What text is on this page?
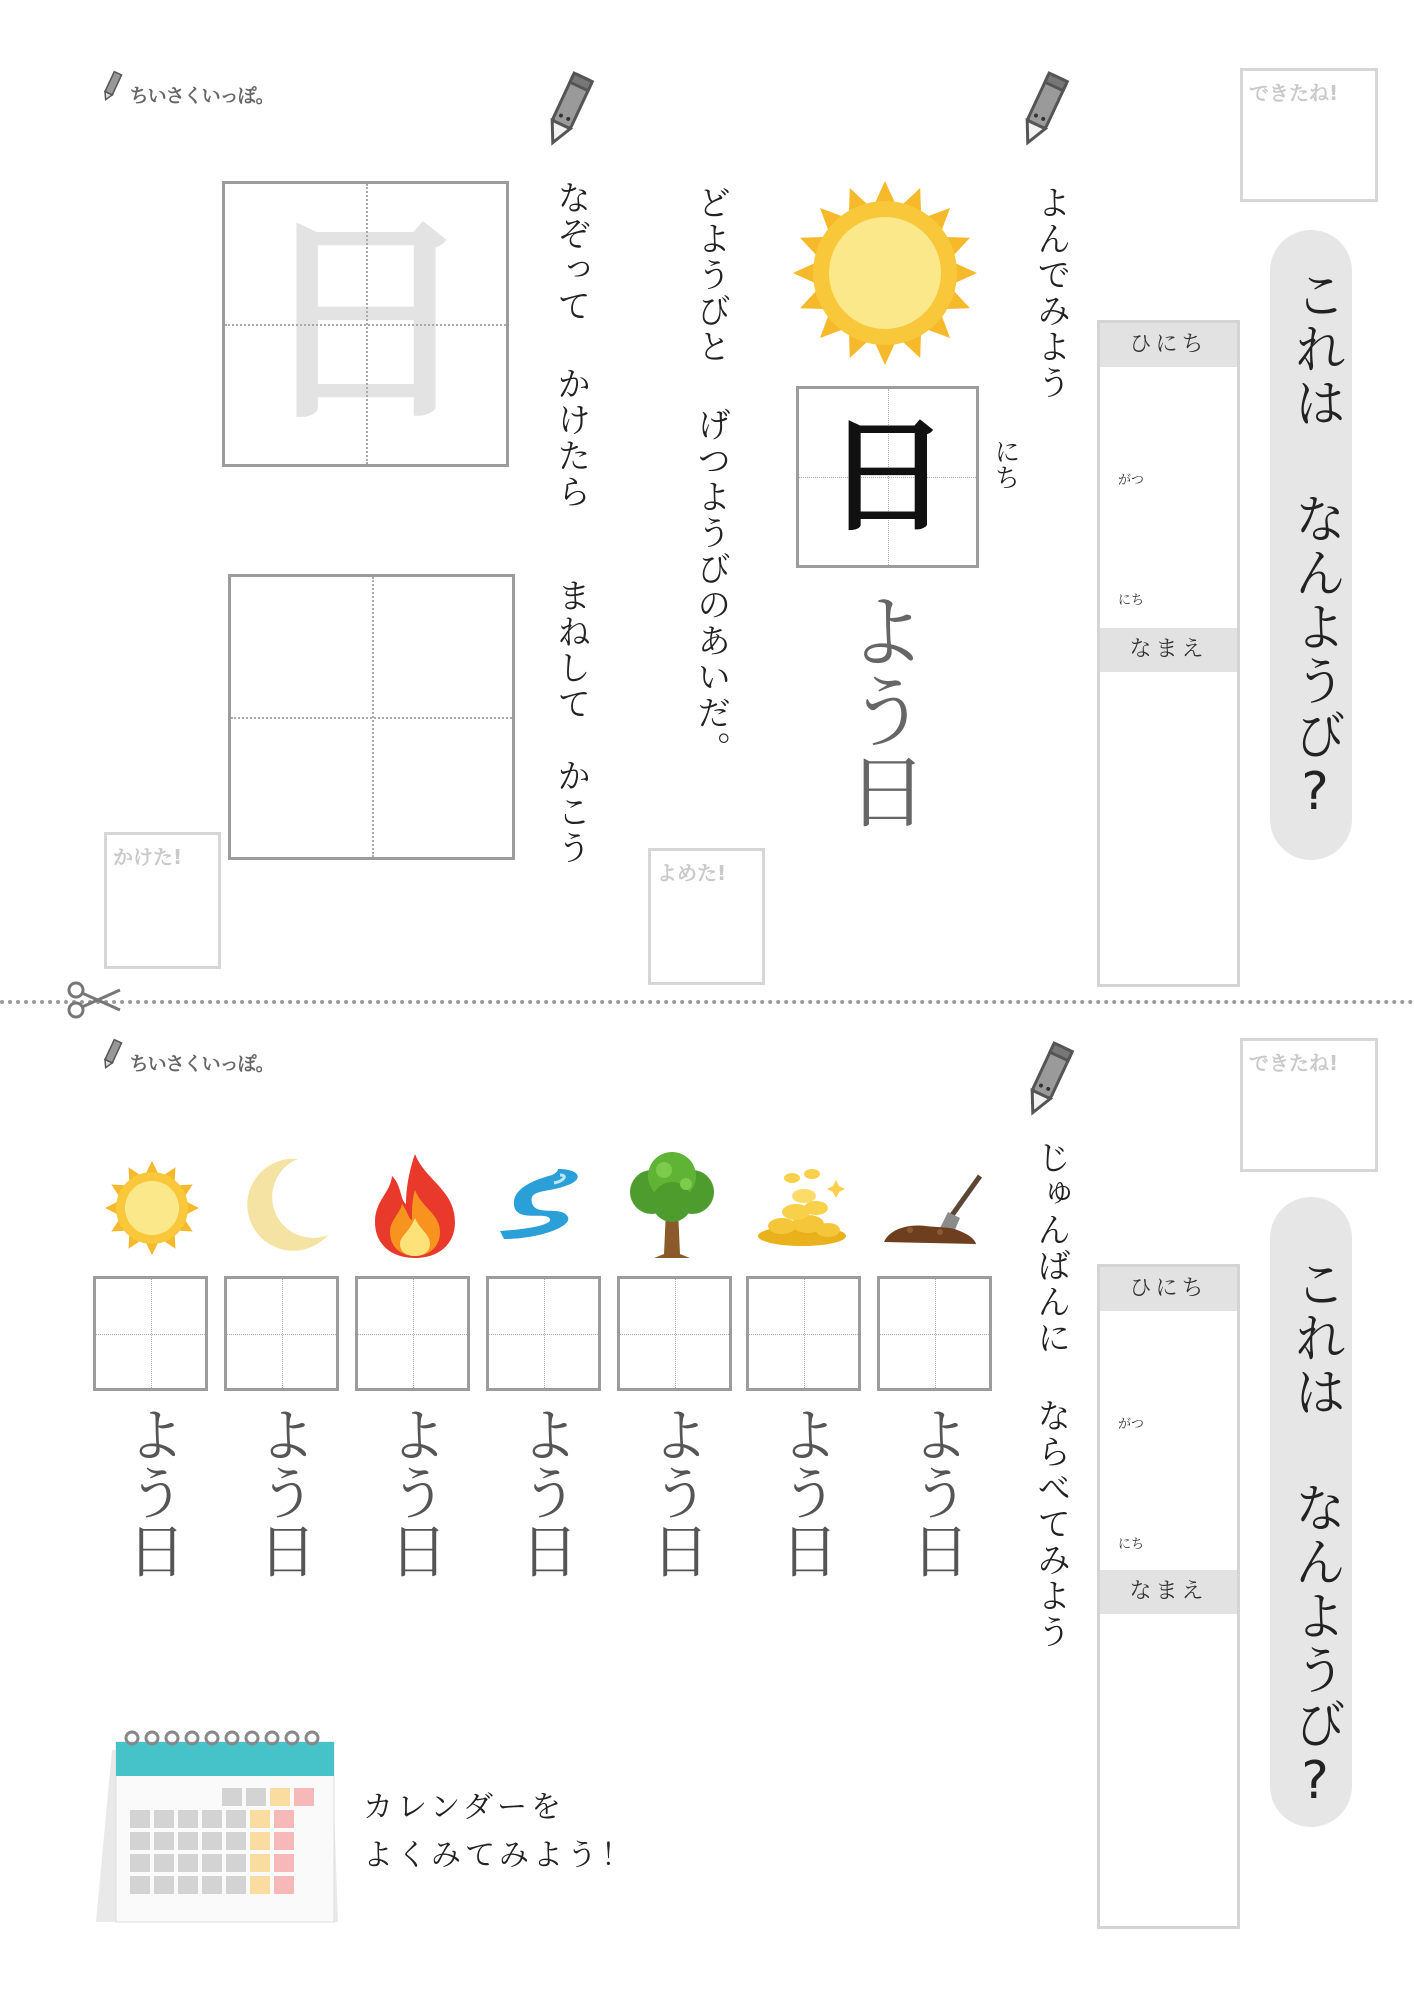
ちいさくいっぽ。	できたね!
これは なんようび?
ひにち
がつ
にち
なまえ
よんでみよう
日	にち
よう日
どようびと げつようびのあいだ。
よめた!
なぞって かけたら
まねして　かこう
日
かけた!
ちいさくいっぽ。	できたね!
これは なんようび?
ひにち
がつ
にち
なまえ
じゅんばんに ならべてみよう
よう日 よう日 よう日 よう日 よう日 よう日 よう日
カレンダーを
よくみてみよう！
